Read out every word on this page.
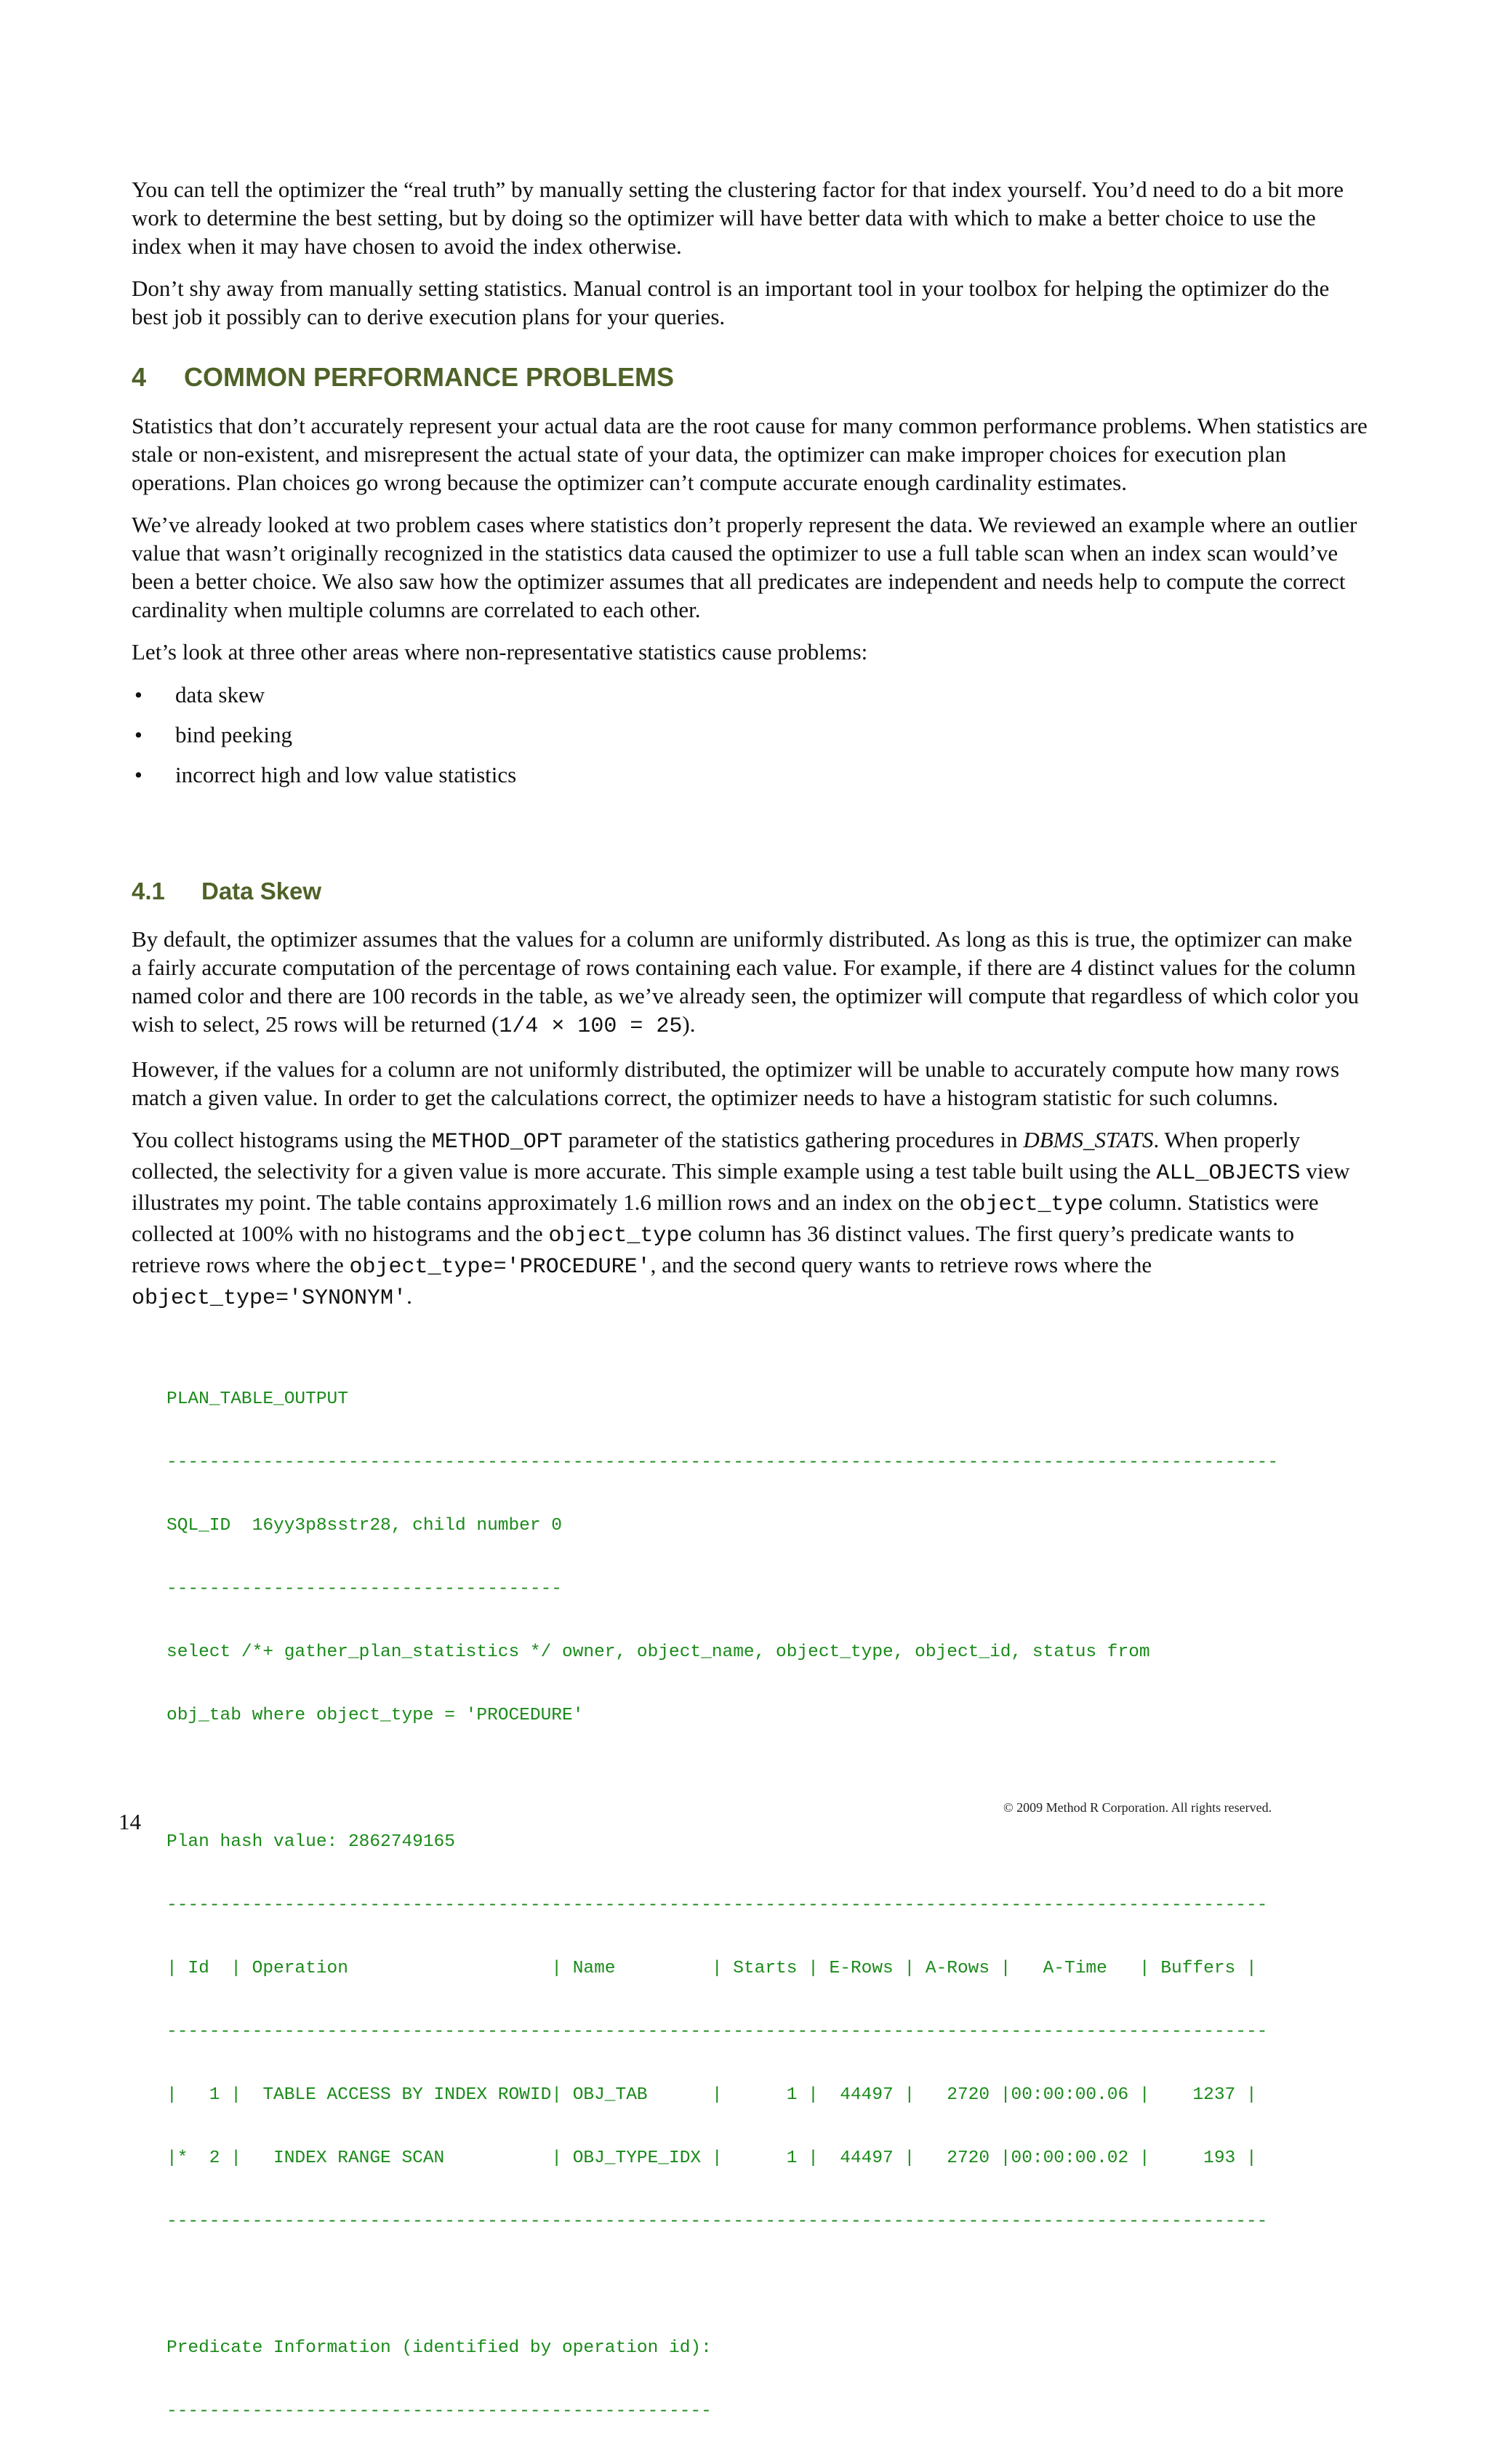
You can tell the optimizer the “real truth” by manually setting the clustering factor for that index yourself. You’d need to do a bit more work to determine the best setting, but by doing so the optimizer will have better data with which to make a better choice to use the index when it may have chosen to avoid the index otherwise.

Don’t shy away from manually setting statistics. Manual control is an important tool in your toolbox for helping the optimizer do the best job it possibly can to derive execution plans for your queries.

4 COMMON PERFORMANCE PROBLEMS

Statistics that don’t accurately represent your actual data are the root cause for many common performance problems. When statistics are stale or non-existent, and misrepresent the actual state of your data, the optimizer can make improper choices for execution plan operations. Plan choices go wrong because the optimizer can’t compute accurate enough cardinality estimates.

We’ve already looked at two problem cases where statistics don’t properly represent the data. We reviewed an example where an outlier value that wasn’t originally recognized in the statistics data caused the optimizer to use a full table scan when an index scan would’ve been a better choice. We also saw how the optimizer assumes that all predicates are independent and needs help to compute the correct cardinality when multiple columns are correlated to each other.

Let’s look at three other areas where non-representative statistics cause problems:

• data skew
• bind peeking
• incorrect high and low value statistics
4.1 Data Skew

By default, the optimizer assumes that the values for a column are uniformly distributed. As long as this is true, the optimizer can make a fairly accurate computation of the percentage of rows containing each value. For example, if there are 4 distinct values for the column named color and there are 100 records in the table, as we’ve already seen, the optimizer will compute that regardless of which color you wish to select, 25 rows will be returned (1/4 × 100 = 25).

However, if the values for a column are not uniformly distributed, the optimizer will be unable to accurately compute how many rows match a given value. In order to get the calculations correct, the optimizer needs to have a histogram statistic for such columns.

You collect histograms using the METHOD_OPT parameter of the statistics gathering procedures in DBMS_STATS. When properly collected, the selectivity for a given value is more accurate. This simple example using a test table built using the ALL_OBJECTS view illustrates my point. The table contains approximately 1.6 million rows and an index on the object_type column. Statistics were collected at 100% with no histograms and the object_type column has 36 distinct values. The first query’s predicate wants to retrieve rows where the object_type='PROCEDURE', and the second query wants to retrieve rows where the object_type='SYNONYM'.

PLAN_TABLE_OUTPUT

--------------------------------------------------------------------------------------------------------

SQL_ID  16yy3p8sstr28, child number 0

-------------------------------------

select /*+ gather_plan_statistics */ owner, object_name, object_type, object_id, status from

obj_tab where object_type = 'PROCEDURE'

Plan hash value: 2862749165

-------------------------------------------------------------------------------------------------------

| Id  | Operation                   | Name         | Starts | E-Rows | A-Rows |   A-Time   | Buffers |

-------------------------------------------------------------------------------------------------------

|   1 |  TABLE ACCESS BY INDEX ROWID| OBJ_TAB      |      1 |  44497 |   2720 |00:00:00.06 |    1237 |

|*  2 |   INDEX RANGE SCAN          | OBJ_TYPE_IDX |      1 |  44497 |   2720 |00:00:00.02 |     193 |

-------------------------------------------------------------------------------------------------------

Predicate Information (identified by operation id):

---------------------------------------------------

© 2009 Method R Corporation. All rights reserved.
14
